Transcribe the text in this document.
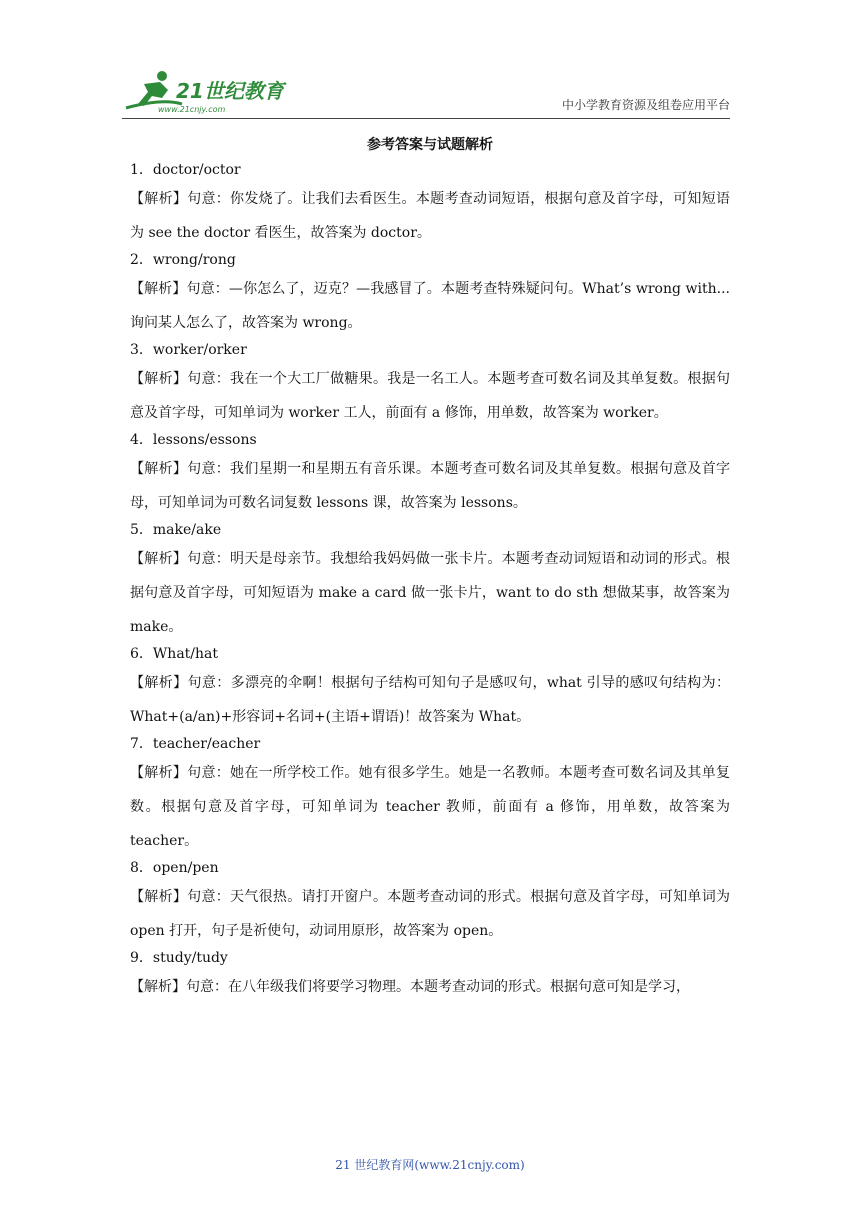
21世纪教育
www.21cnjy.com	中小学教育资源及组卷应用平台
参考答案与试题解析
1．doctor/octor
【解析】句意：你发烧了。让我们去看医生。本题考查动词短语，根据句意及首字母，可知短语为 see the doctor 看医生，故答案为 doctor。
2．wrong/rong
【解析】句意：—你怎么了，迈克？—我感冒了。本题考查特殊疑问句。What’s wrong with... 询问某人怎么了，故答案为 wrong。
3．worker/orker
【解析】句意：我在一个大工厂做糖果。我是一名工人。本题考查可数名词及其单复数。根据句意及首字母，可知单词为 worker 工人，前面有 a 修饰，用单数，故答案为 worker。
4．lessons/essons
【解析】句意：我们星期一和星期五有音乐课。本题考查可数名词及其单复数。根据句意及首字母，可知单词为可数名词复数 lessons 课，故答案为 lessons。
5．make/ake
【解析】句意：明天是母亲节。我想给我妈妈做一张卡片。本题考查动词短语和动词的形式。根据句意及首字母，可知短语为 make a card 做一张卡片，want to do sth 想做某事，故答案为 make。
6．What/hat
【解析】句意：多漂亮的伞啊！根据句子结构可知句子是感叹句，what 引导的感叹句结构为：What+(a/an)+形容词+名词+(主语+谓语)！故答案为 What。
7．teacher/eacher
【解析】句意：她在一所学校工作。她有很多学生。她是一名教师。本题考查可数名词及其单复数。根据句意及首字母，可知单词为 teacher 教师，前面有 a 修饰，用单数，故答案为 teacher。
8．open/pen
【解析】句意：天气很热。请打开窗户。本题考查动词的形式。根据句意及首字母，可知单词为 open 打开，句子是祈使句，动词用原形，故答案为 open。
9．study/tudy
【解析】句意：在八年级我们将要学习物理。本题考查动词的形式。根据句意可知是学习，
21 世纪教育网(www.21cnjy.com)
